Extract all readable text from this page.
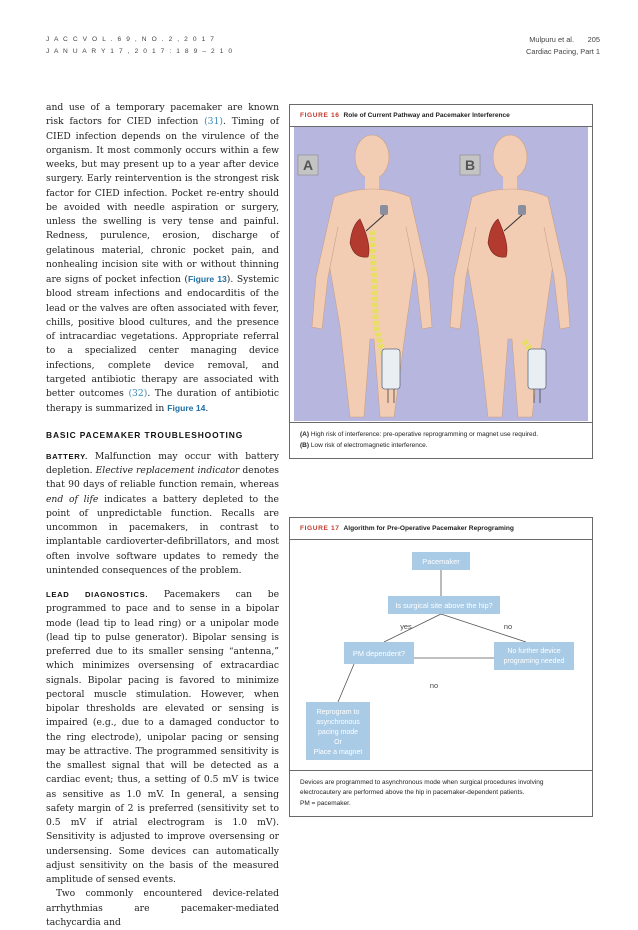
J A C C V O L . 6 9 , N O . 2 , 2 0 1 7
J A N U A R Y 1 7 , 2 0 1 7 : 1 8 9 – 2 1 0
Mulpuru et al. 205
Cardiac Pacing, Part 1

and use of a temporary pacemaker are known risk factors for CIED infection (31). Timing of CIED infection depends on the virulence of the organism. It most commonly occurs within a few weeks, but may present up to a year after device surgery. Early reintervention is the strongest risk factor for CIED infection. Pocket re-entry should be avoided with needle aspiration or surgery, unless the swelling is very tense and painful. Redness, purulence, erosion, discharge of gelatinous material, chronic pocket pain, and nonhealing incision site with or without thinning are signs of pocket infection (Figure 13). Systemic blood stream infections and endocarditis of the lead or the valves are often associated with fever, chills, positive blood cultures, and the presence of intracardiac vegetations. Appropriate referral to a specialized center managing device infections, complete device removal, and targeted antibiotic therapy are associated with better outcomes (32). The duration of antibiotic therapy is summarized in Figure 14.

BASIC PACEMAKER TROUBLESHOOTING

BATTERY. Malfunction may occur with battery depletion. Elective replacement indicator denotes that 90 days of reliable function remain, whereas end of life indicates a battery depleted to the point of unpredictable function. Recalls are uncommon in pacemakers, in contrast to implantable cardioverter-defibrillators, and most often involve software updates to remedy the unintended consequences of the problem.

LEAD DIAGNOSTICS. Pacemakers can be programmed to pace and to sense in a bipolar mode (lead tip to lead ring) or a unipolar mode (lead tip to pulse generator). Bipolar sensing is preferred due to its smaller sensing “antenna,” which minimizes oversensing of extracardiac signals. Bipolar pacing is favored to minimize pectoral muscle stimulation. However, when bipolar thresholds are elevated or sensing is impaired (e.g., due to a damaged conductor to the ring electrode), unipolar pacing or sensing may be attractive. The programmed sensitivity is the smallest signal that will be detected as a cardiac event; thus, a setting of 0.5 mV is twice as sensitive as 1.0 mV. In general, a sensing safety margin of 2 is preferred (sensitivity set to 0.5 mV if atrial electrogram is 1.0 mV). Sensitivity is adjusted to improve oversensing or undersensing. Some devices can automatically adjust sensitivity on the basis of the measured amplitude of sensed events.

Two commonly encountered device-related arrhythmias are pacemaker-mediated tachycardia and

FIGURE 16 Role of Current Pathway and Pacemaker Interference
A	B
(A) High risk of interference: pre-operative reprogramming or magnet use required.
(B) Low risk of electromagnetic interference.
FIGURE 17 Algorithm for Pre-Operative Pacemaker Reprograming
Pacemaker
Is surgical site above the hip?
yes	no
PM dependent?	No further device
programing needed
no
Reprogram to
asynchronous
pacing mode
Or
Place a magnet
Devices are programmed to asynchronous mode when surgical procedures involving electrocautery are performed above the hip in pacemaker-dependent patients.
PM = pacemaker.
